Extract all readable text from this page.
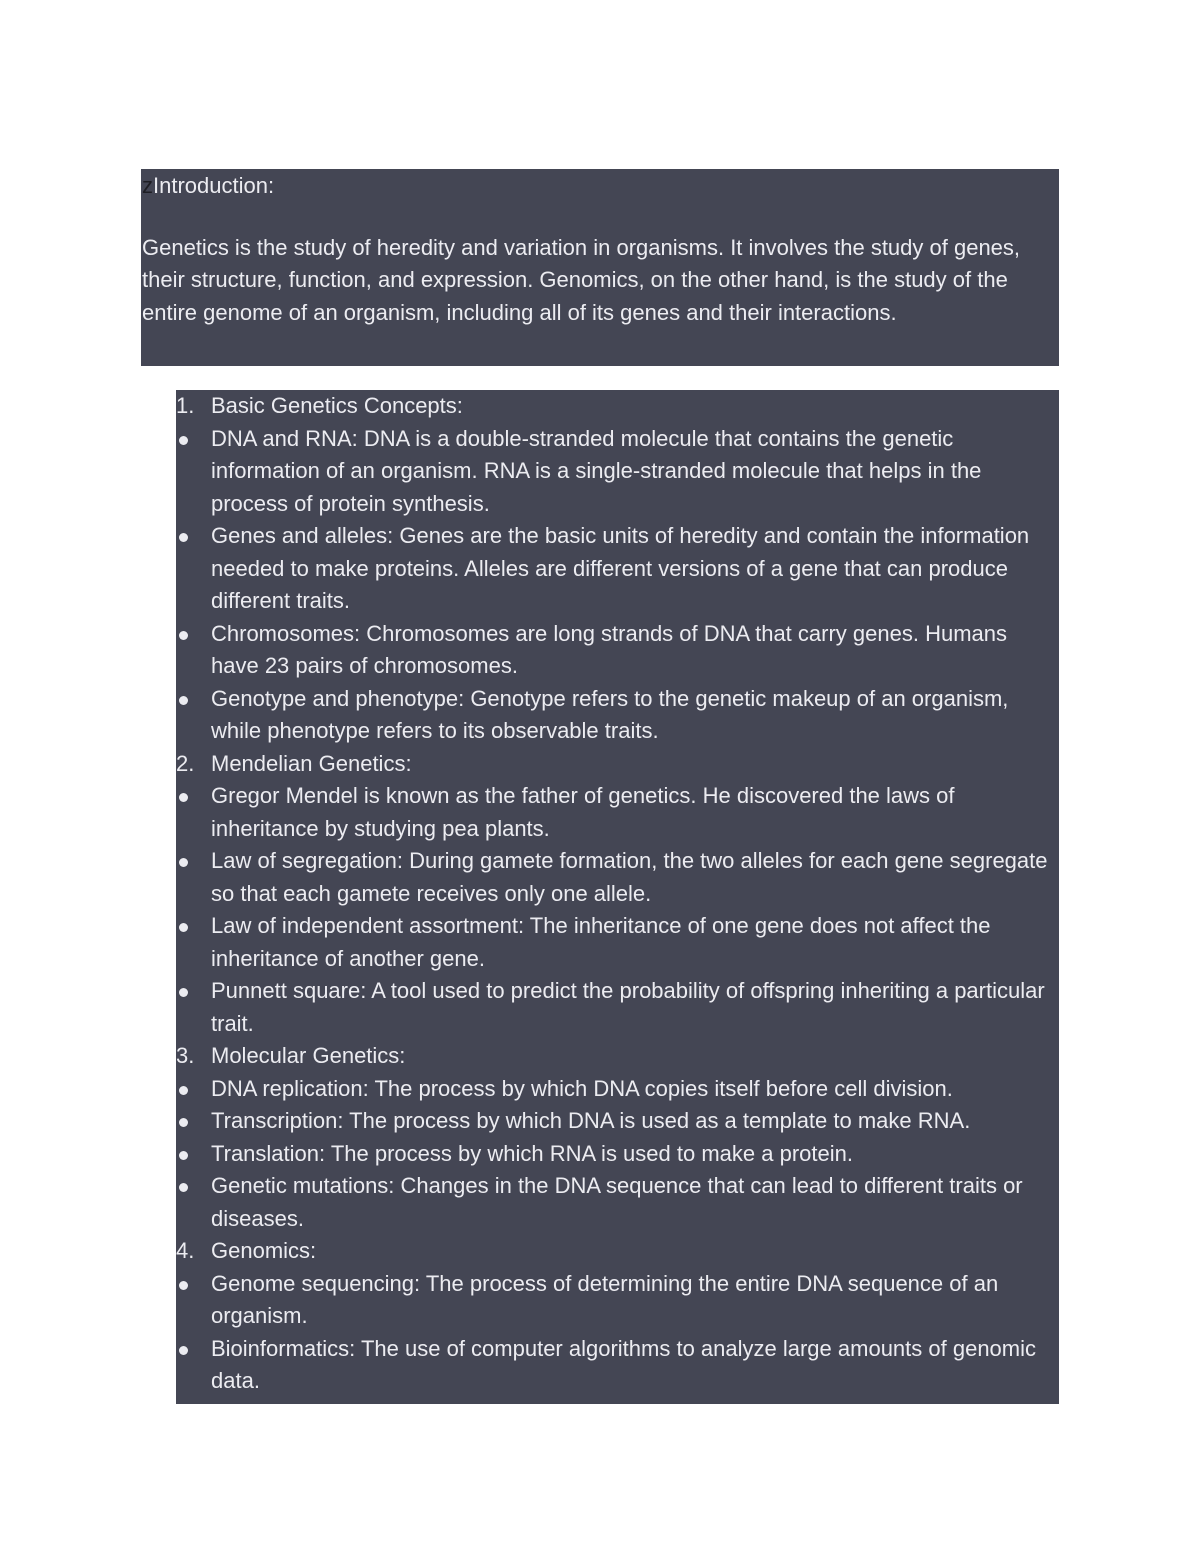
zIntroduction:
Genetics is the study of heredity and variation in organisms. It involves the study of genes, their structure, function, and expression. Genomics, on the other hand, is the study of the entire genome of an organism, including all of its genes and their interactions.
1. Basic Genetics Concepts:
DNA and RNA: DNA is a double-stranded molecule that contains the genetic information of an organism. RNA is a single-stranded molecule that helps in the process of protein synthesis.
Genes and alleles: Genes are the basic units of heredity and contain the information needed to make proteins. Alleles are different versions of a gene that can produce different traits.
Chromosomes: Chromosomes are long strands of DNA that carry genes. Humans have 23 pairs of chromosomes.
Genotype and phenotype: Genotype refers to the genetic makeup of an organism, while phenotype refers to its observable traits.
2. Mendelian Genetics:
Gregor Mendel is known as the father of genetics. He discovered the laws of inheritance by studying pea plants.
Law of segregation: During gamete formation, the two alleles for each gene segregate so that each gamete receives only one allele.
Law of independent assortment: The inheritance of one gene does not affect the inheritance of another gene.
Punnett square: A tool used to predict the probability of offspring inheriting a particular trait.
3. Molecular Genetics:
DNA replication: The process by which DNA copies itself before cell division.
Transcription: The process by which DNA is used as a template to make RNA.
Translation: The process by which RNA is used to make a protein.
Genetic mutations: Changes in the DNA sequence that can lead to different traits or diseases.
4. Genomics:
Genome sequencing: The process of determining the entire DNA sequence of an organism.
Bioinformatics: The use of computer algorithms to analyze large amounts of genomic data.
